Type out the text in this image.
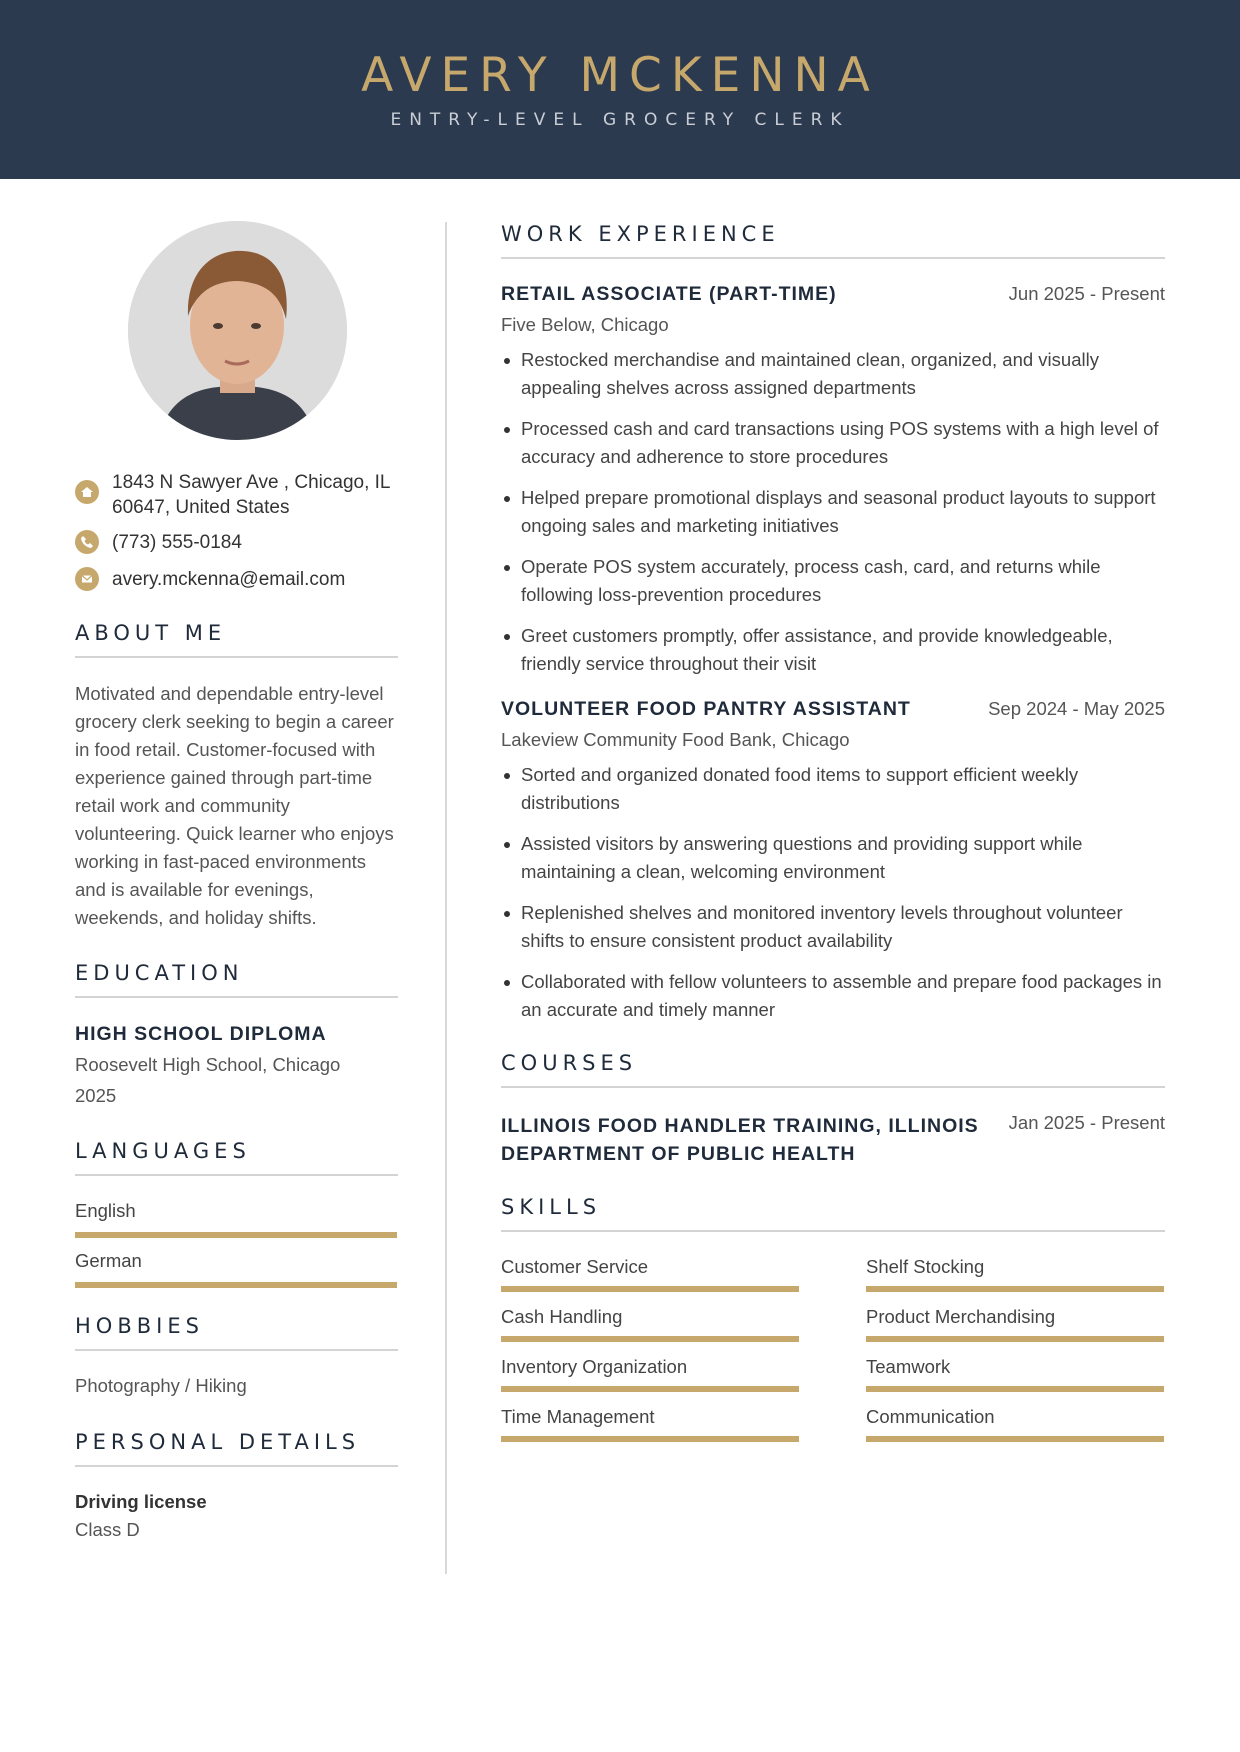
AVERY MCKENNA
ENTRY-LEVEL GROCERY CLERK
1843 N Sawyer Ave , Chicago, IL
60647, United States
(773) 555-0184
avery.mckenna@email.com
ABOUT ME
Motivated and dependable entry-level grocery clerk seeking to begin a career in food retail. Customer-focused with experience gained through part-time retail work and community volunteering. Quick learner who enjoys working in fast-paced environments and is available for evenings, weekends, and holiday shifts.
EDUCATION
HIGH SCHOOL DIPLOMA
Roosevelt High School, Chicago
2025
LANGUAGES
English
German
HOBBIES
Photography / Hiking
PERSONAL DETAILS
Driving license
Class D
WORK EXPERIENCE
RETAIL ASSOCIATE (PART-TIME)	Jun 2025 - Present
Five Below, Chicago
Restocked merchandise and maintained clean, organized, and visually appealing shelves across assigned departments
Processed cash and card transactions using POS systems with a high level of accuracy and adherence to store procedures
Helped prepare promotional displays and seasonal product layouts to support ongoing sales and marketing initiatives
Operate POS system accurately, process cash, card, and returns while following loss-prevention procedures
Greet customers promptly, offer assistance, and provide knowledgeable, friendly service throughout their visit
VOLUNTEER FOOD PANTRY ASSISTANT	Sep 2024 - May 2025
Lakeview Community Food Bank, Chicago
Sorted and organized donated food items to support efficient weekly distributions
Assisted visitors by answering questions and providing support while maintaining a clean, welcoming environment
Replenished shelves and monitored inventory levels throughout volunteer shifts to ensure consistent product availability
Collaborated with fellow volunteers to assemble and prepare food packages in an accurate and timely manner
COURSES
ILLINOIS FOOD HANDLER TRAINING, ILLINOIS
DEPARTMENT OF PUBLIC HEALTH
Jan 2025 - Present
SKILLS
Customer Service	Shelf Stocking
Cash Handling	Product Merchandising
Inventory Organization	Teamwork
Time Management	Communication
